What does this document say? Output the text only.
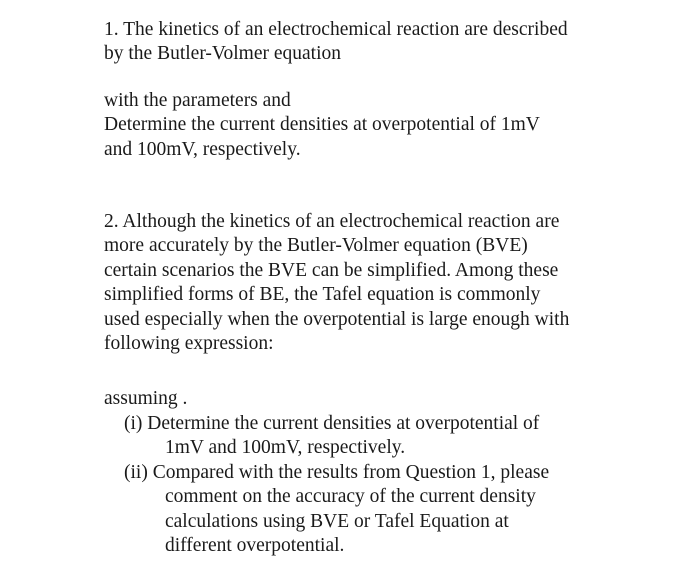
1. The kinetics of an electrochemical reaction are described
by the Butler-Volmer equation
with the parameters and
Determine the current densities at overpotential of 1mV
and 100mV, respectively.
2. Although the kinetics of an electrochemical reaction are
more accurately by the Butler-Volmer equation (BVE)
certain scenarios the BVE can be simplified. Among these
simplified forms of BE, the Tafel equation is commonly
used especially when the overpotential is large enough with
following expression:
assuming .
(i) Determine the current densities at overpotential of
1mV and 100mV, respectively.
(ii) Compared with the results from Question 1, please
comment on the accuracy of the current density
calculations using BVE or Tafel Equation at
different overpotential.
